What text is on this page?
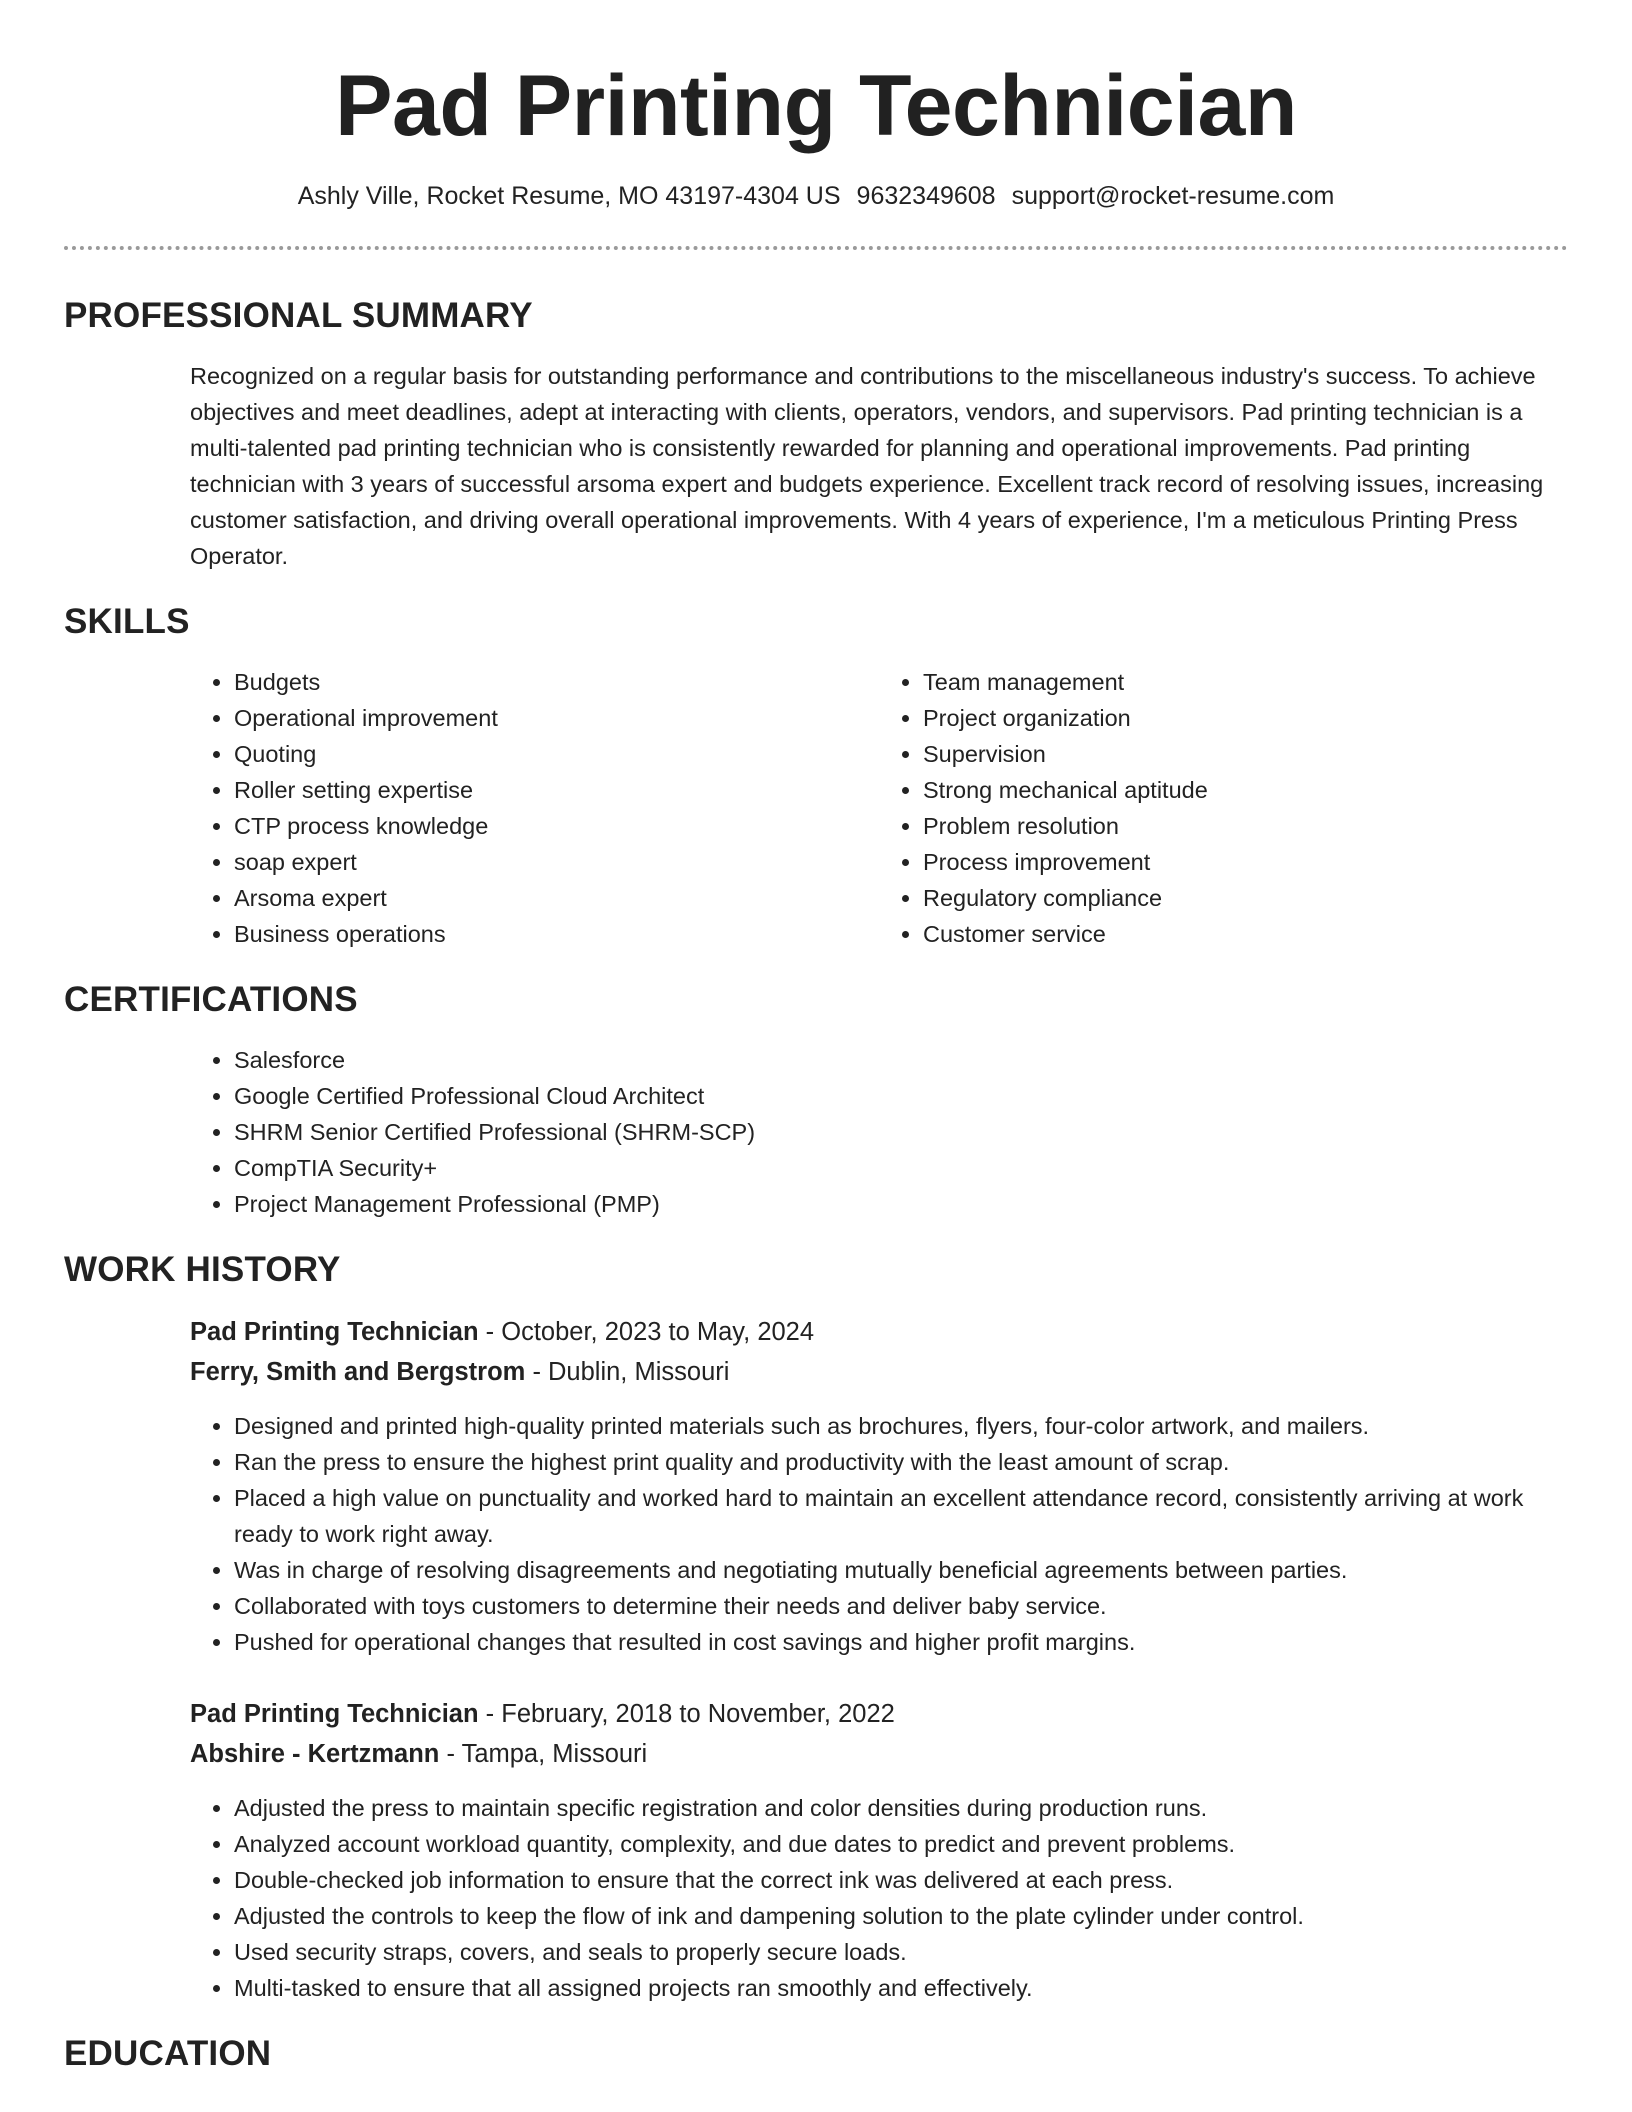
Pad Printing Technician
Ashly Ville, Rocket Resume, MO 43197-4304 US 9632349608 support@rocket-resume.com
PROFESSIONAL SUMMARY
Recognized on a regular basis for outstanding performance and contributions to the miscellaneous industry's success. To achieve objectives and meet deadlines, adept at interacting with clients, operators, vendors, and supervisors. Pad printing technician is a multi-talented pad printing technician who is consistently rewarded for planning and operational improvements. Pad printing technician with 3 years of successful arsoma expert and budgets experience. Excellent track record of resolving issues, increasing customer satisfaction, and driving overall operational improvements. With 4 years of experience, I'm a meticulous Printing Press Operator.
SKILLS
• Budgets
• Operational improvement
• Quoting
• Roller setting expertise
• CTP process knowledge
• soap expert
• Arsoma expert
• Business operations
• Team management
• Project organization
• Supervision
• Strong mechanical aptitude
• Problem resolution
• Process improvement
• Regulatory compliance
• Customer service
CERTIFICATIONS
• Salesforce
• Google Certified Professional Cloud Architect
• SHRM Senior Certified Professional (SHRM-SCP)
• CompTIA Security+
• Project Management Professional (PMP)
WORK HISTORY
Pad Printing Technician - October, 2023 to May, 2024
Ferry, Smith and Bergstrom - Dublin, Missouri
• Designed and printed high-quality printed materials such as brochures, flyers, four-color artwork, and mailers.
• Ran the press to ensure the highest print quality and productivity with the least amount of scrap.
• Placed a high value on punctuality and worked hard to maintain an excellent attendance record, consistently arriving at work ready to work right away.
• Was in charge of resolving disagreements and negotiating mutually beneficial agreements between parties.
• Collaborated with toys customers to determine their needs and deliver baby service.
• Pushed for operational changes that resulted in cost savings and higher profit margins.
Pad Printing Technician - February, 2018 to November, 2022
Abshire - Kertzmann - Tampa, Missouri
• Adjusted the press to maintain specific registration and color densities during production runs.
• Analyzed account workload quantity, complexity, and due dates to predict and prevent problems.
• Double-checked job information to ensure that the correct ink was delivered at each press.
• Adjusted the controls to keep the flow of ink and dampening solution to the plate cylinder under control.
• Used security straps, covers, and seals to properly secure loads.
• Multi-tasked to ensure that all assigned projects ran smoothly and effectively.
EDUCATION
